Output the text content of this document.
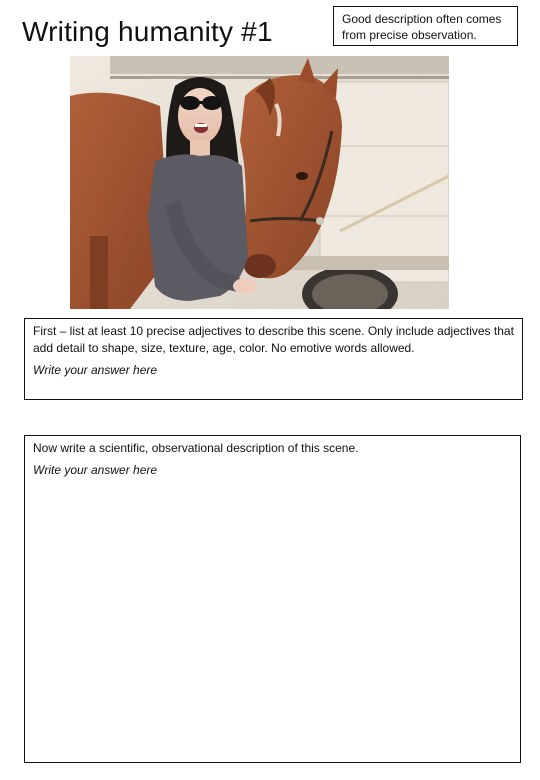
Writing humanity #1	Good description often comes from precise observation.
First – list at least 10 precise adjectives to describe this scene. Only include adjectives that add detail to shape, size, texture, age, color. No emotive words allowed.
Write your answer here
Now write a scientific, observational description of this scene.
Write your answer here
